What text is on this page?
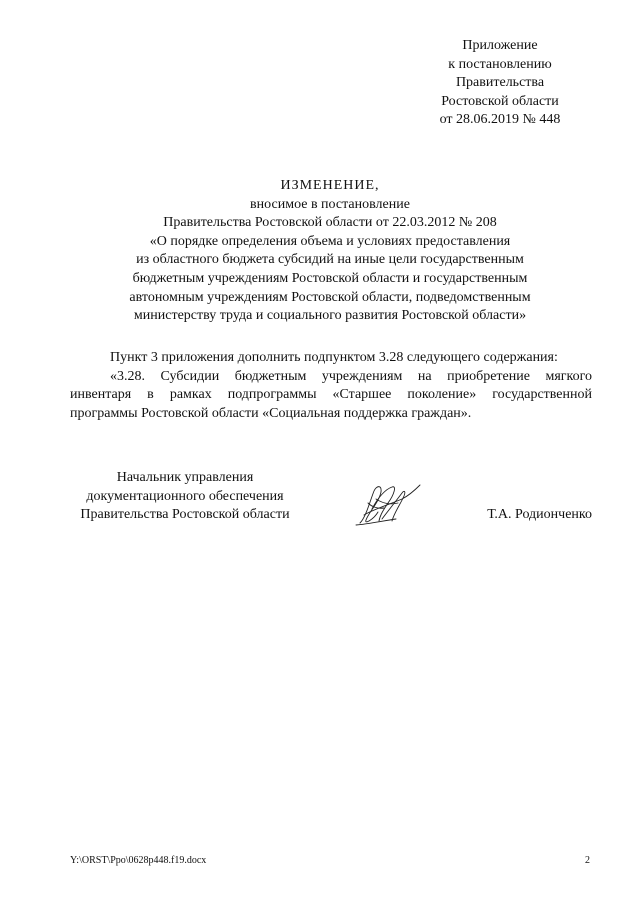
Приложение
к постановлению
Правительства
Ростовской области
от 28.06.2019 № 448
ИЗМЕНЕНИЕ,
вносимое в постановление
Правительства Ростовской области от 22.03.2012 № 208
«О порядке определения объема и условиях предоставления
из областного бюджета субсидий на иные цели государственным
бюджетным учреждениям Ростовской области и государственным
автономным учреждениям Ростовской области, подведомственным
министерству труда и социального развития Ростовской области»
Пункт 3 приложения дополнить подпунктом 3.28 следующего содержания:
«3.28. Субсидии бюджетным учреждениям на приобретение мягкого
инвентаря в рамках подпрограммы «Старшее поколение» государственной
программы Ростовской области «Социальная поддержка граждан».
Начальник управления
документационного обеспечения
Правительства Ростовской области	Т.А. Родионченко
Y:\ORST\Ppo\0628p448.f19.docx	2
